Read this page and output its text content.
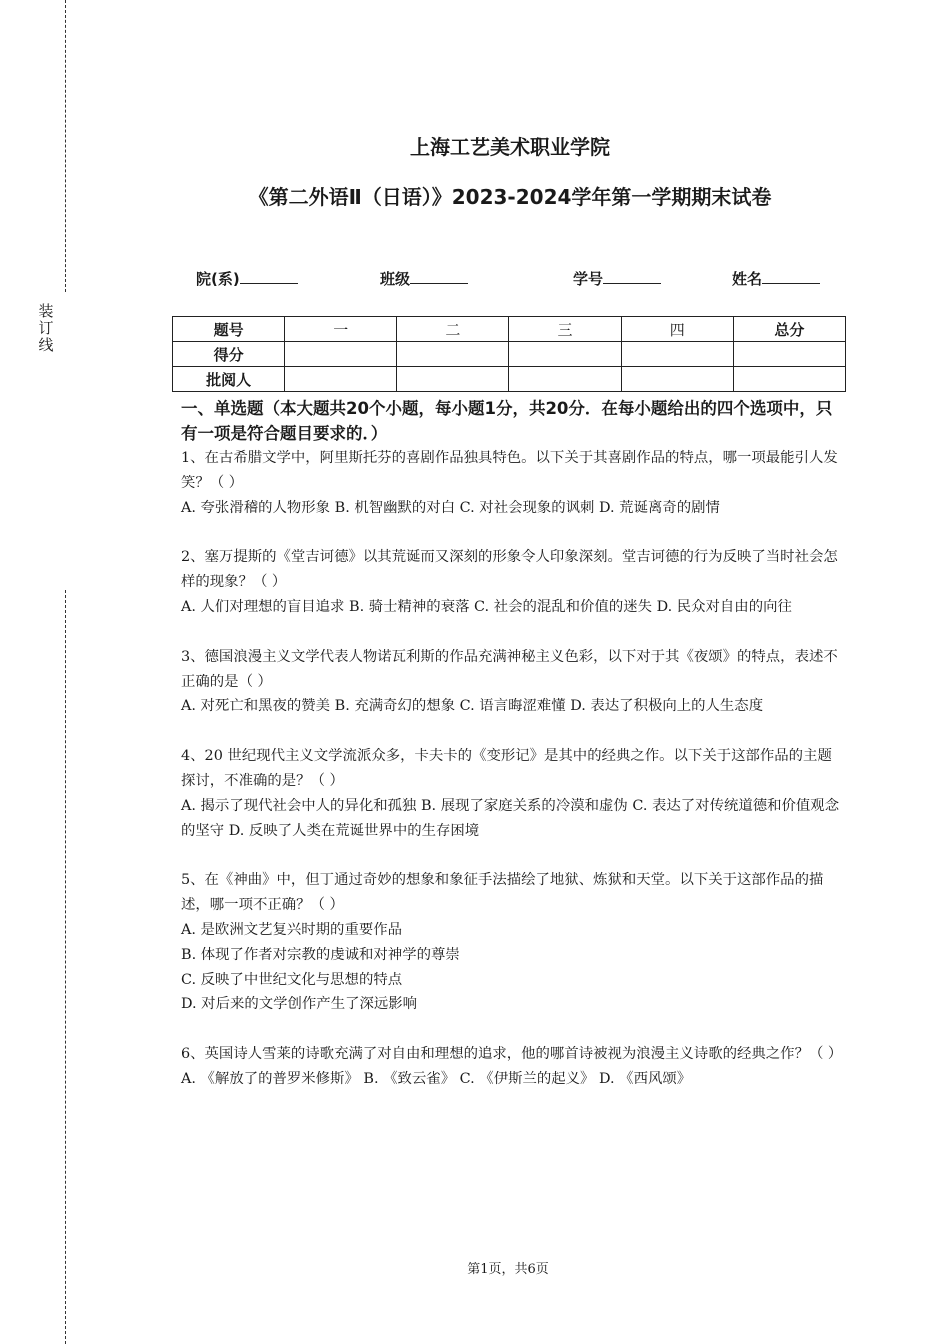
装
订
线
上海工艺美术职业学院
《第二外语Ⅱ（日语）》2023-2024学年第一学期期末试卷
院(系)	班级	学号	姓名
题号	一	二	三	四	总分
得分					
批阅人					
一、单选题（本大题共20个小题，每小题1分，共20分．在每小题给出的四个选项中，只有一项是符合题目要求的．）
1、在古希腊文学中，阿里斯托芬的喜剧作品独具特色。以下关于其喜剧作品的特点，哪一项最能引人发笑？（ ）
A. 夸张滑稽的人物形象 B. 机智幽默的对白 C. 对社会现象的讽刺 D. 荒诞离奇的剧情
2、塞万提斯的《堂吉诃德》以其荒诞而又深刻的形象令人印象深刻。堂吉诃德的行为反映了当时社会怎样的现象？（ ）
A. 人们对理想的盲目追求 B. 骑士精神的衰落 C. 社会的混乱和价值的迷失 D. 民众对自由的向往
3、德国浪漫主义文学代表人物诺瓦利斯的作品充满神秘主义色彩，以下对于其《夜颂》的特点，表述不正确的是（ ）
A. 对死亡和黑夜的赞美 B. 充满奇幻的想象 C. 语言晦涩难懂 D. 表达了积极向上的人生态度
4、20 世纪现代主义文学流派众多，卡夫卡的《变形记》是其中的经典之作。以下关于这部作品的主题探讨，不准确的是？（ ）
A. 揭示了现代社会中人的异化和孤独 B. 展现了家庭关系的冷漠和虚伪 C. 表达了对传统道德和价值观念的坚守 D. 反映了人类在荒诞世界中的生存困境
5、在《神曲》中，但丁通过奇妙的想象和象征手法描绘了地狱、炼狱和天堂。以下关于这部作品的描述，哪一项不正确？（ ）
A. 是欧洲文艺复兴时期的重要作品
B. 体现了作者对宗教的虔诚和对神学的尊崇
C. 反映了中世纪文化与思想的特点
D. 对后来的文学创作产生了深远影响
6、英国诗人雪莱的诗歌充满了对自由和理想的追求，他的哪首诗被视为浪漫主义诗歌的经典之作？（ ）
A. 《解放了的普罗米修斯》 B. 《致云雀》 C. 《伊斯兰的起义》 D. 《西风颂》
第1页，共6页
